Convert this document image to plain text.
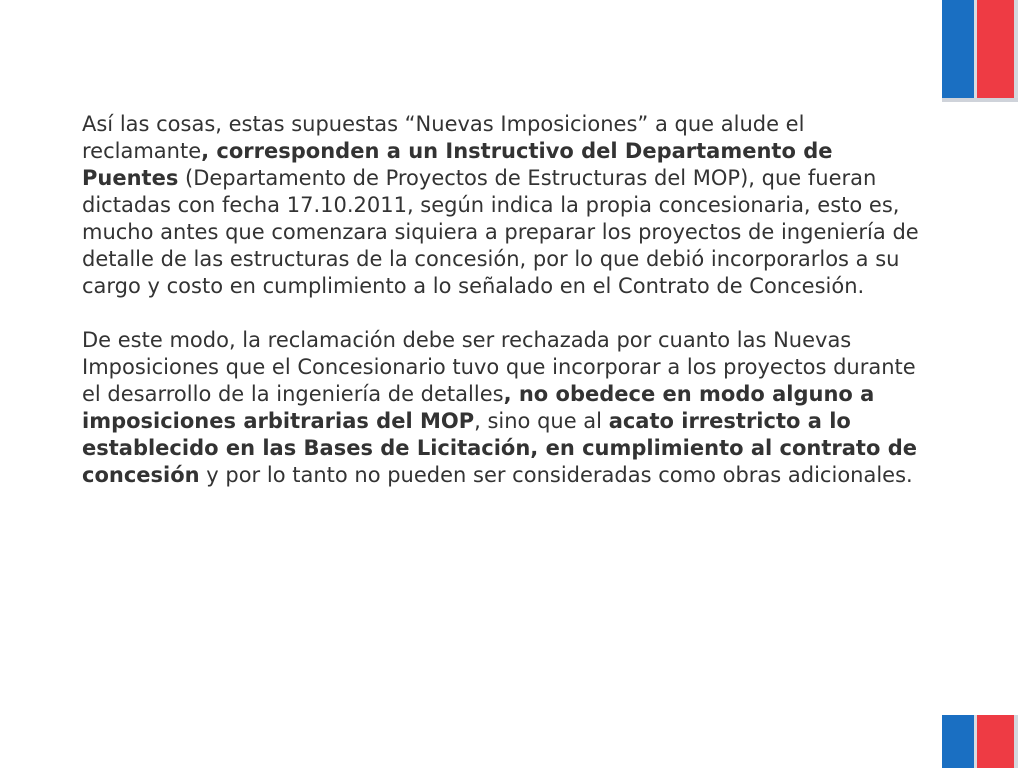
Así las cosas, estas supuestas “Nuevas Imposiciones” a que alude el reclamante, corresponden a un Instructivo del Departamento de Puentes (Departamento de Proyectos de Estructuras del MOP), que fueran dictadas con fecha 17.10.2011, según indica la propia concesionaria, esto es, mucho antes que comenzara siquiera a preparar los proyectos de ingeniería de detalle de las estructuras de la concesión, por lo que debió incorporarlos a su cargo y costo en cumplimiento a lo señalado en el Contrato de Concesión.

De este modo, la reclamación debe ser rechazada por cuanto las Nuevas Imposiciones que el Concesionario tuvo que incorporar a los proyectos durante el desarrollo de la ingeniería de detalles, no obedece en modo alguno a imposiciones arbitrarias del MOP, sino que al acato irrestricto a lo establecido en las Bases de Licitación, en cumplimiento al contrato de concesión y por lo tanto no pueden ser consideradas como obras adicionales.
